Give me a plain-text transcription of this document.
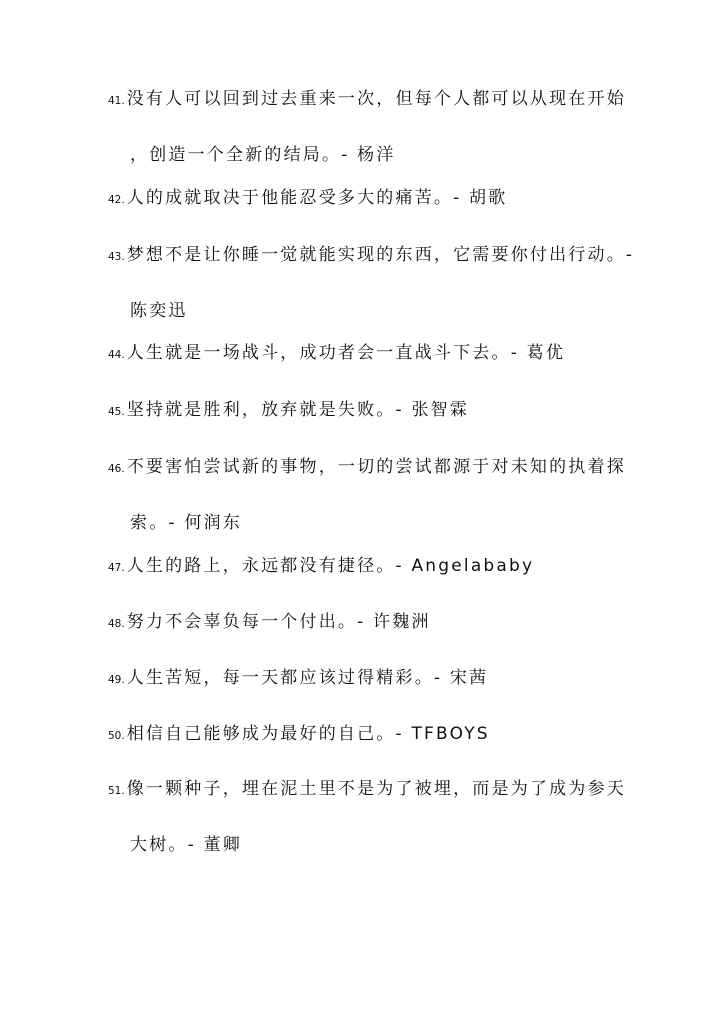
41. 没有人可以回到过去重来一次，但每个人都可以从现在开始
，创造一个全新的结局。- 杨洋
42. 人的成就取决于他能忍受多大的痛苦。- 胡歌
43. 梦想不是让你睡一觉就能实现的东西，它需要你付出行动。-
陈奕迅
44. 人生就是一场战斗，成功者会一直战斗下去。- 葛优
45. 坚持就是胜利，放弃就是失败。- 张智霖
46. 不要害怕尝试新的事物，一切的尝试都源于对未知的执着探
索。- 何润东
47. 人生的路上，永远都没有捷径。- Angelababy
48. 努力不会辜负每一个付出。- 许魏洲
49. 人生苦短，每一天都应该过得精彩。- 宋茜
50. 相信自己能够成为最好的自己。- TFBOYS
51. 像一颗种子，埋在泥土里不是为了被埋，而是为了成为参天
大树。- 董卿
